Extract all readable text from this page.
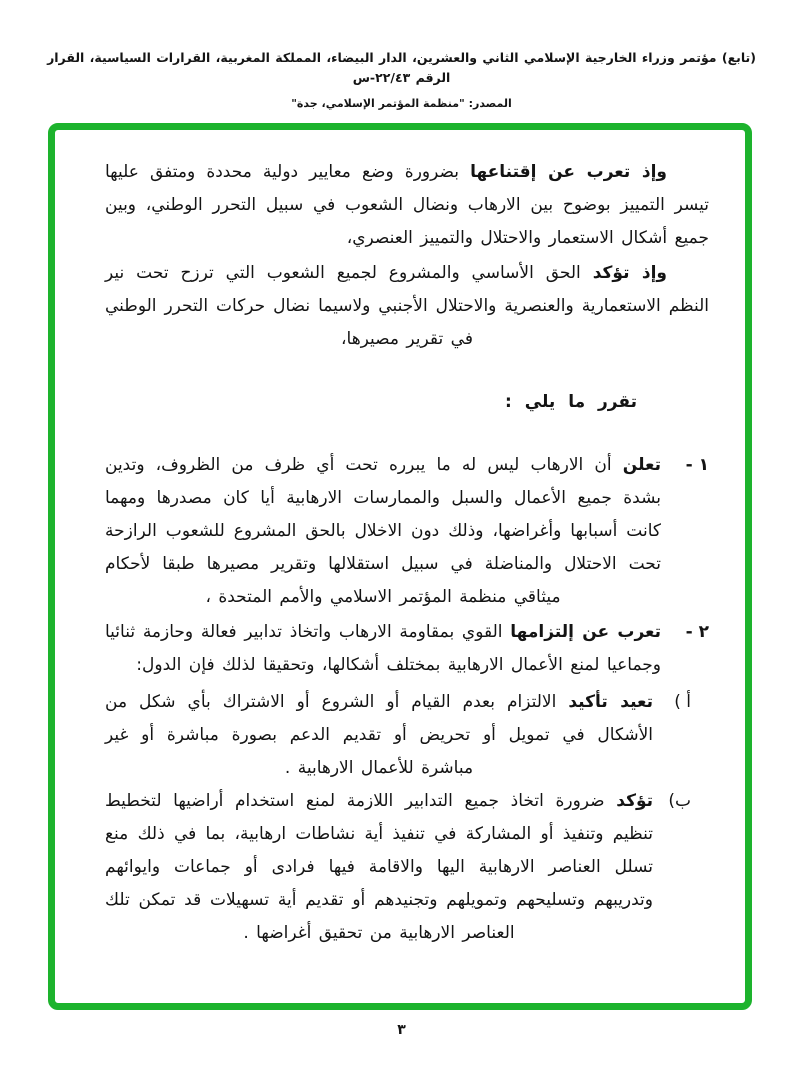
(تابع) مؤتمر وزراء الخارجية الإسلامي الثاني والعشرين، الدار البيضاء، المملكة المغربية، القرارات السياسية، القرار الرقم ٢٢/٤٣-س
المصدر: "منظمة المؤتمر الإسلامي، جدة"

وإذ تعرب عن إقتناعها بضرورة وضع معايير دولية محددة ومتفق عليها تيسر التمييز بوضوح بين الارهاب ونضال الشعوب في سبيل التحرر الوطني، وبين جميع أشكال الاستعمار والاحتلال والتمييز العنصري،

وإذ تؤكد الحق الأساسي والمشروع لجميع الشعوب التي ترزح تحت نير النظم الاستعمارية والعنصرية والاحتلال الأجنبي ولاسيما نضال حركات التحرر الوطني في تقرير مصيرها،

تقرر ما يلي :
١ -
تعلن أن الارهاب ليس له ما يبرره تحت أي ظرف من الظروف، وتدين بشدة جميع الأعمال والسبل والممارسات الارهابية أيا كان مصدرها ومهما كانت أسبابها وأغراضها، وذلك دون الاخلال بالحق المشروع للشعوب الرازحة تحت الاحتلال والمناضلة في سبيل استقلالها وتقرير مصيرها طبقا لأحكام ميثاقي منظمة المؤتمر الاسلامي والأمم المتحدة ،
٢ -
تعرب عن إلتزامها القوي بمقاومة الارهاب واتخاذ تدابير فعالة وحازمة ثنائيا وجماعيا لمنع الأعمال الارهابية بمختلف أشكالها، وتحقيقا لذلك فإن الدول:
أ )
تعيد تأكيد الالتزام بعدم القيام أو الشروع أو الاشتراك بأي شكل من الأشكال في تمويل أو تحريض أو تقديم الدعم بصورة مباشرة أو غير مباشرة للأعمال الارهابية .
ب)
تؤكد ضرورة اتخاذ جميع التدابير اللازمة لمنع استخدام أراضيها لتخطيط تنظيم وتنفيذ أو المشاركة في تنفيذ أية نشاطات ارهابية، بما في ذلك منع تسلل العناصر الارهابية اليها والاقامة فيها فرادى أو جماعات وايوائهم وتدريبهم وتسليحهم وتمويلهم وتجنيدهم أو تقديم أية تسهيلات قد تمكن تلك العناصر الارهابية من تحقيق أغراضها .
٣
